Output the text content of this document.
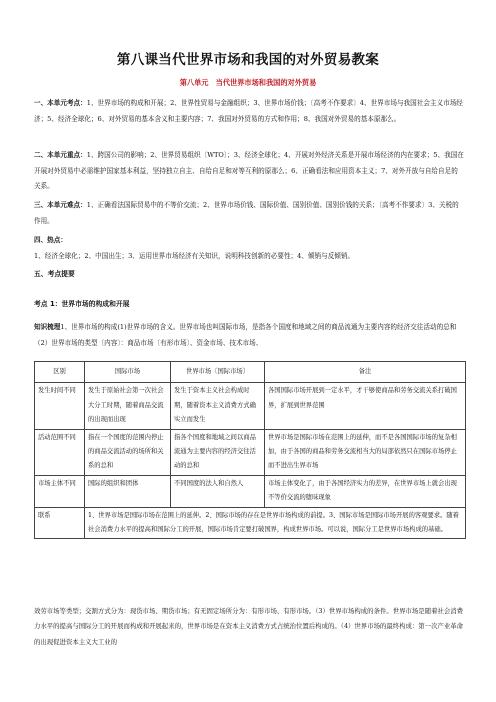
第八课当代世界市场和我国的对外贸易教案
第八单元　当代世界市场和我国的对外贸易
一、本单元考点：1、世界市场的构成和开展；2、世界性贸易与金融组织；3、世界市场价钱；〔高考不作要求〕4、世界市场与我国社会主义市场经济；5、经济全球化；6、对外贸易的基本含义和主要内容；7、我国对外贸易的方式和作用；8、我国对外贸易的基本原那么。
二、本单元重点：1、跨国公司的影响；2、世界贸易组织〔WTO〕；3、经济全球化；4、开展对外经济关系是开展市场经济的内在要求；5、我国在开展对外贸易中必需维护国家基本利益，坚持独立自主、自给自足和对等互利的原那么；6、正确看法和应用资本主义；7、对外开放与自给自足的关系。
三、本单元难点：1、正确看法国际贸易中的不等价交流；2、世界市场价钱、国际价值、国别价值、国别价钱的关系；〔高考不作要求〕3、关税的作用。
四、热点：
1、经济全球化；2、中国出生；3、运用世界市场经济有关知识，说明科技创新的必要性；4、倾销与反倾销。
五、考点提要
考点 1：世界市场的构成和开展
知识梳理1、世界市场的构成(1)世界市场的含义。世界市场也叫国际市场，是指各个国度和地域之间的商品流通为主要内容的经济交往活动的总和（2）世界市场的类型〔内容〕：商品市场〔有形市场〕、资金市场、技术市场、
区别	国际市场	世界市场〔国际市场〕	备注
发生时间不同	发生于原始社会第一次社会大分工时期，随着商品交流的出现而出现	发生于资本主义社会构成时期，随着资本主义消费方式确实立而发生	各国国际市场开展到一定水平，才干够使商品和劳务交流关系打破国界，扩展到世界范围
活动范围不同	指在一个国度的范围内停止的商品交流活动的场所和关系的总和	指各个国度和地域之间以商品流通为主要内容的经济交往活动的总和	世界市场是国际市场在范围上的延伸，而不是各国国际市场的复杂相加，由于各国的商品和劳务交流相当大的局部依然只在国际市场停止而不进出生界市场
市场主体不同	国际的组织和团体	不同国度的法人和自然人	市场主体变化了，由于各国经济实力的差异，在世界市场上就会出现不等价交流的堕昧现象
联系	1、世界市场是国际市场在范围上的延伸。2、国际市场的存在是世界市场构成的前提。3、国际市场是国际市场开展的客观要求。随着社会消费力水平的提高和国际分工的开展，国际市场肯定要打破国界，构成世界市场。可以说，国际分工是世界市场构成的基础。		
效劳市场等类型；交割方式分为：现货市场、期货市场；有无固定场所分为：有形市场、有形市场。（3）世界市场构成的条件。世界市场是随着社会消费力水平的提高与国际分工的开展而构成和开展起来的，世界市场是在资本主义消费方式占统治位置后构成的。（4）世界市场的最终构成：第一次产业革命的出现促进资本主义大工业的
